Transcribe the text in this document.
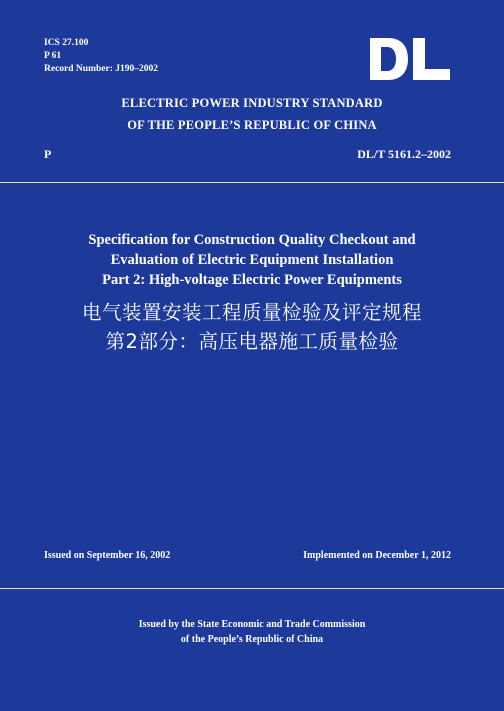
ICS 27.100
P 61
Record Number: J190–2002
ELECTRIC POWER INDUSTRY STANDARD
OF THE PEOPLE’S REPUBLIC OF CHINA
P	DL/T 5161.2–2002
Specification for Construction Quality Checkout and
Evaluation of Electric Equipment Installation
Part 2: High-voltage Electric Power Equipments
电气装置安装工程质量检验及评定规程
第2部分：高压电器施工质量检验
Issued on September 16, 2002	Implemented on December 1, 2012
Issued by the State Economic and Trade Commission
of the People’s Republic of China
